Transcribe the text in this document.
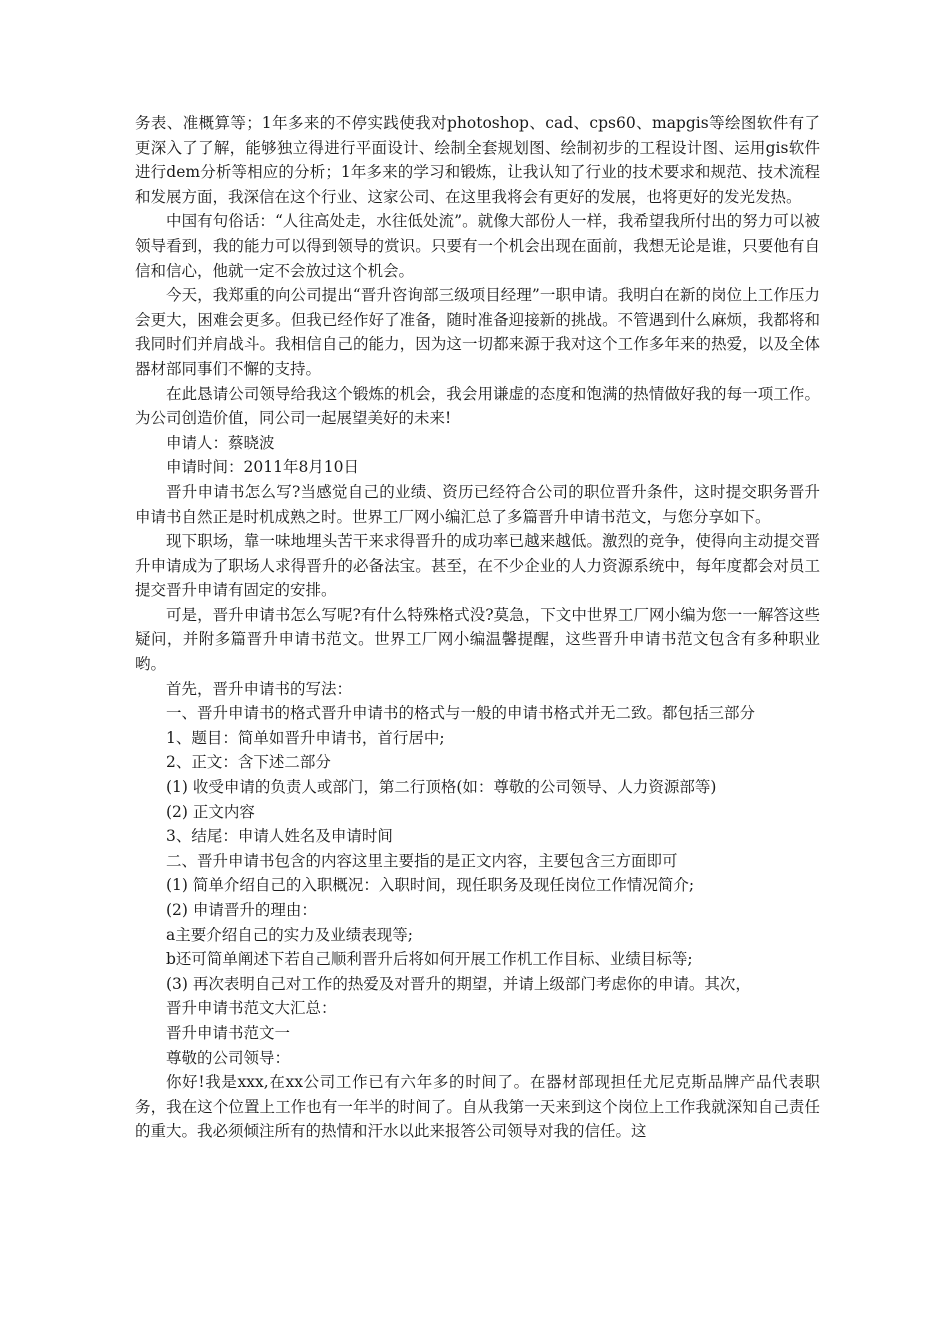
务表、准概算等；1年多来的不停实践使我对photoshop、cad、cps60、mapgis等绘图软件有了更深入了了解，能够独立得进行平面设计、绘制全套规划图、绘制初步的工程设计图、运用gis软件进行dem分析等相应的分析；1年多来的学习和锻炼，让我认知了行业的技术要求和规范、技术流程和发展方面，我深信在这个行业、这家公司、在这里我将会有更好的发展，也将更好的发光发热。

中国有句俗话：“人往高处走，水往低处流”。就像大部份人一样，我希望我所付出的努力可以被领导看到，我的能力可以得到领导的赏识。只要有一个机会出现在面前，我想无论是谁，只要他有自信和信心，他就一定不会放过这个机会。

今天，我郑重的向公司提出“晋升咨询部三级项目经理”一职申请。我明白在新的岗位上工作压力会更大，困难会更多。但我已经作好了准备，随时准备迎接新的挑战。不管遇到什么麻烦，我都将和我同时们并肩战斗。我相信自己的能力，因为这一切都来源于我对这个工作多年来的热爱，以及全体器材部同事们不懈的支持。

在此恳请公司领导给我这个锻炼的机会，我会用谦虚的态度和饱满的热情做好我的每一项工作。为公司创造价值，同公司一起展望美好的未来!

申请人：蔡晓波

申请时间：2011年8月10日

晋升申请书怎么写?当感觉自己的业绩、资历已经符合公司的职位晋升条件，这时提交职务晋升申请书自然正是时机成熟之时。世界工厂网小编汇总了多篇晋升申请书范文，与您分享如下。

现下职场，靠一味地埋头苦干来求得晋升的成功率已越来越低。激烈的竞争，使得向主动提交晋升申请成为了职场人求得晋升的必备法宝。甚至，在不少企业的人力资源系统中，每年度都会对员工提交晋升申请有固定的安排。

可是，晋升申请书怎么写呢?有什么特殊格式没?莫急，下文中世界工厂网小编为您一一解答这些疑问，并附多篇晋升申请书范文。世界工厂网小编温馨提醒，这些晋升申请书范文包含有多种职业哟。

首先，晋升申请书的写法：

一、晋升申请书的格式晋升申请书的格式与一般的申请书格式并无二致。都包括三部分

1、题目：简单如晋升申请书，首行居中;

2、正文：含下述二部分

(1) 收受申请的负责人或部门，第二行顶格(如：尊敬的公司领导、人力资源部等)

(2) 正文内容

3、结尾：申请人姓名及申请时间

二、晋升申请书包含的内容这里主要指的是正文内容，主要包含三方面即可

(1) 简单介绍自己的入职概况：入职时间，现任职务及现任岗位工作情况简介;

(2) 申请晋升的理由：

a主要介绍自己的实力及业绩表现等;

b还可简单阐述下若自己顺利晋升后将如何开展工作机工作目标、业绩目标等;

(3) 再次表明自己对工作的热爱及对晋升的期望，并请上级部门考虑你的申请。其次，

晋升申请书范文大汇总：

晋升申请书范文一

尊敬的公司领导：

你好!我是xxx,在xx公司工作已有六年多的时间了。在器材部现担任尤尼克斯品牌产品代表职务，我在这个位置上工作也有一年半的时间了。自从我第一天来到这个岗位上工作我就深知自己责任的重大。我必须倾注所有的热情和汗水以此来报答公司领导对我的信任。这
